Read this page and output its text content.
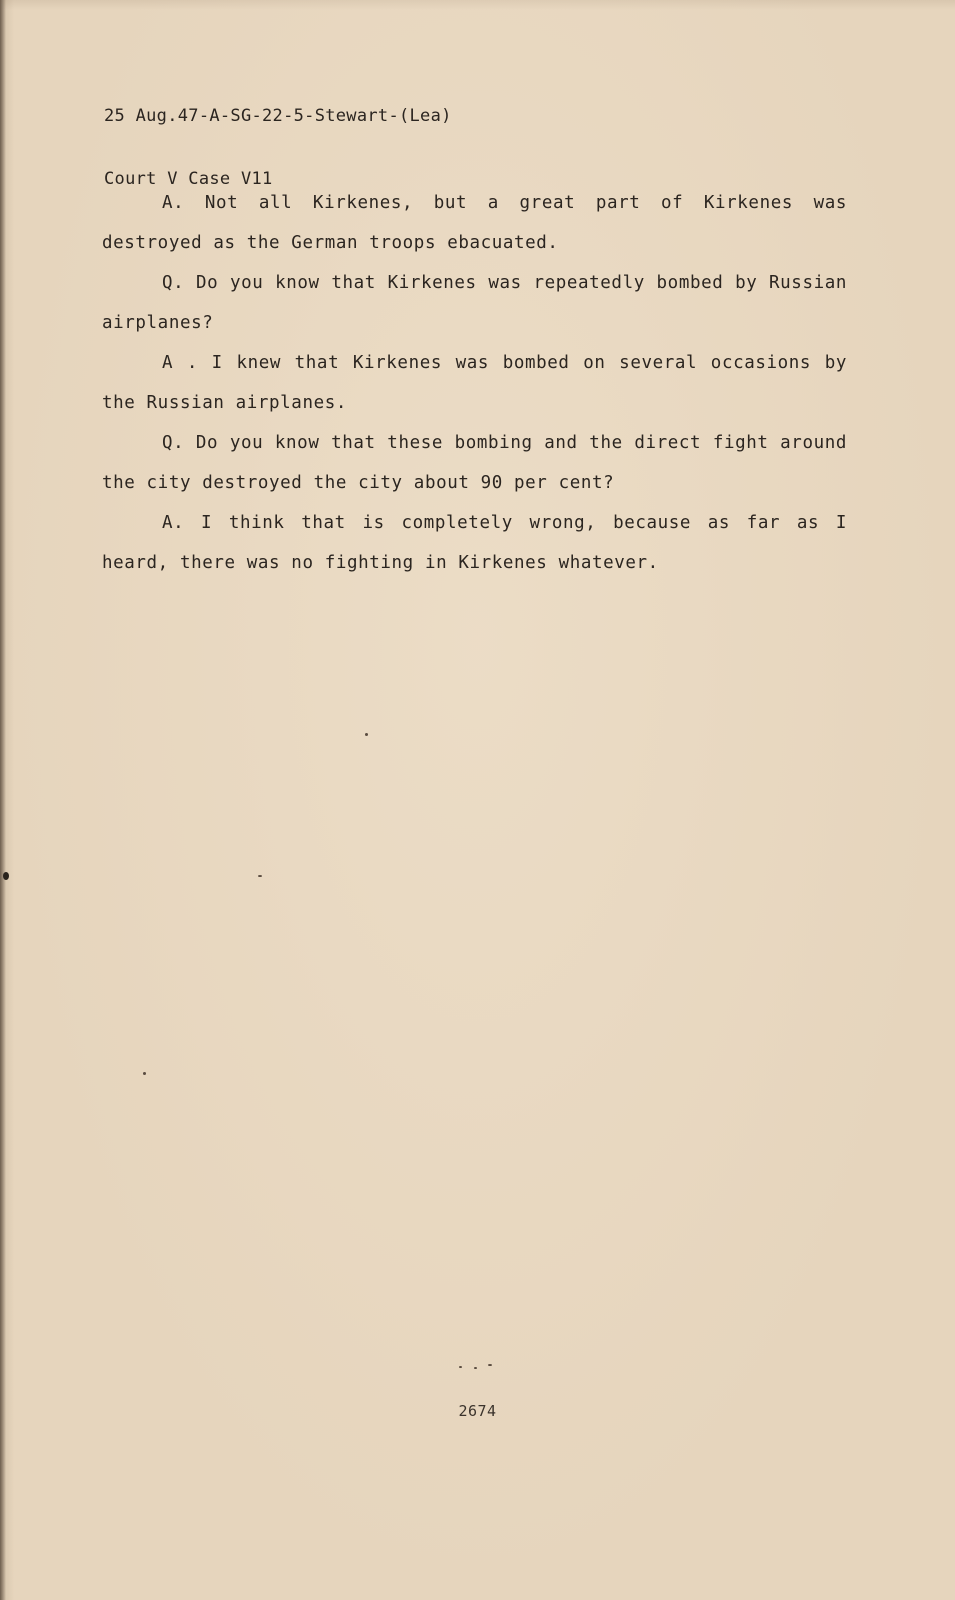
25 Aug.47-A-SG-22-5-Stewart-(Lea)

Court V Case V11

A. Not all Kirkenes, but a great part of Kirkenes was destroyed as the German troops ebacuated.

Q. Do you know that Kirkenes was repeatedly bombed by Russian airplanes?

A . I knew that Kirkenes was bombed on several occasions by the Russian airplanes.

Q. Do you know that these bombing and the direct fight around the city destroyed the city about 90 per cent?

A. I think that is completely wrong, because as far as I heard, there was no fighting in Kirkenes whatever.

2674
